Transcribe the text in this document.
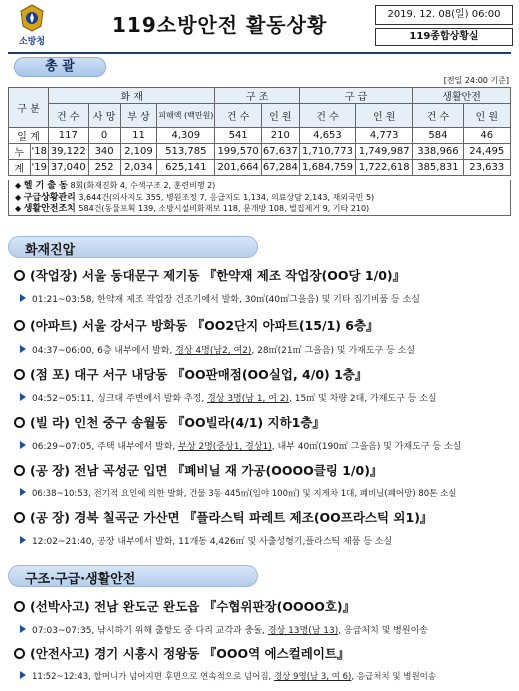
소방청
119소방안전 활동상황	2019. 12. 08(일) 06:00
119종합상황실
총 괄
[전일 24:00 기준]
구 분		화 재				구 조		구 급		생활안전	
		건 수	사 망	부 상	피해액 (백만원)	건 수	인 원	건 수	인 원	건 수	인 원
일 계		117	0	11	4,309	541	210	4,653	4,773	584	46
누	'18	39,122	340	2,109	513,785	199,570	67,637	1,710,773	1,749,987	338,966	24,495
계	'19	37,040	252	2,034	625,141	201,664	67,284	1,684,759	1,722,618	385,831	23,633
◆ 헬 기 출 동 8회(화재진화 4, 수색구조 2, 훈련비행 2)
◆ 구급상황관리 3,644건(의사지도 355, 병원조정 7, 응급지도 1,134, 의료상담 2,143, 재외국민 5)
◆ 생활안전조치 584건(동물포획 139, 소방시설비화재보 118, 문개방 108, 벌집제거 9, 기타 210)
화재진압
(작업장) 서울 동대문구 제기동 『한약재 제조 작업장(OO당 1/0)』
01:21~03:58, 한약재 제조 작업장 건조기에서 발화, 30㎡(40㎡그을음) 및 기타 집기비품 등 소실
(아파트) 서울 강서구 방화동 『OO2단지 아파트(15/1) 6층』
04:37~06:00, 6층 내부에서 발화, 경상 4명(남2, 여2), 28㎡(21㎡ 그을음) 및 가재도구 등 소실
(점 포) 대구 서구 내당동 『OO판매점(OO실업, 4/0) 1층』
04:52~05:11, 싱크대 주변에서 발화 추정, 경상 3명(남 1, 여 2), 15㎡ 및 차량 2대, 가재도구 등 소실
(빌 라) 인천 중구 송월동 『OO빌라(4/1) 지하1층』
06:29~07:05, 주택 내부에서 발화, 부상 2명(중상1, 경상1), 내부 40㎡(190㎡ 그을음) 및 가재도구 등 소실
(공 장) 전남 곡성군 입면 『폐비닐 재 가공(OOOO클링 1/0)』
06:38~10:53, 전기적 요인에 의한 발화, 건물 3동 445㎡(임야 100㎡) 및 지게차 1대, 폐비닐(폐어망) 80톤 소실
(공 장) 경북 칠곡군 가산면 『플라스틱 파레트 제조(OO프라스틱 외1)』
12:02~21:40, 공장 내부에서 발화, 11개동 4,426㎡ 및 사출성형기,플라스틱 제품 등 소실
구조·구급·생활안전
(선박사고) 전남 완도군 완도읍 『수협위판장(OOOO호)』
07:03~07:35, 낚시하기 위해 출항도 중 다리 교각과 충돌, 경상 13명(남 13), 응급처치 및 병원이송
(안전사고) 경기 시흥시 정왕동 『OOO역 에스컬레이트』
11:52~12:43, 할머니가 넘어지면 후면으로 연속적으로 넘어짐, 경상 9명(남 3, 여 6), 응급처치 및 병원이송
